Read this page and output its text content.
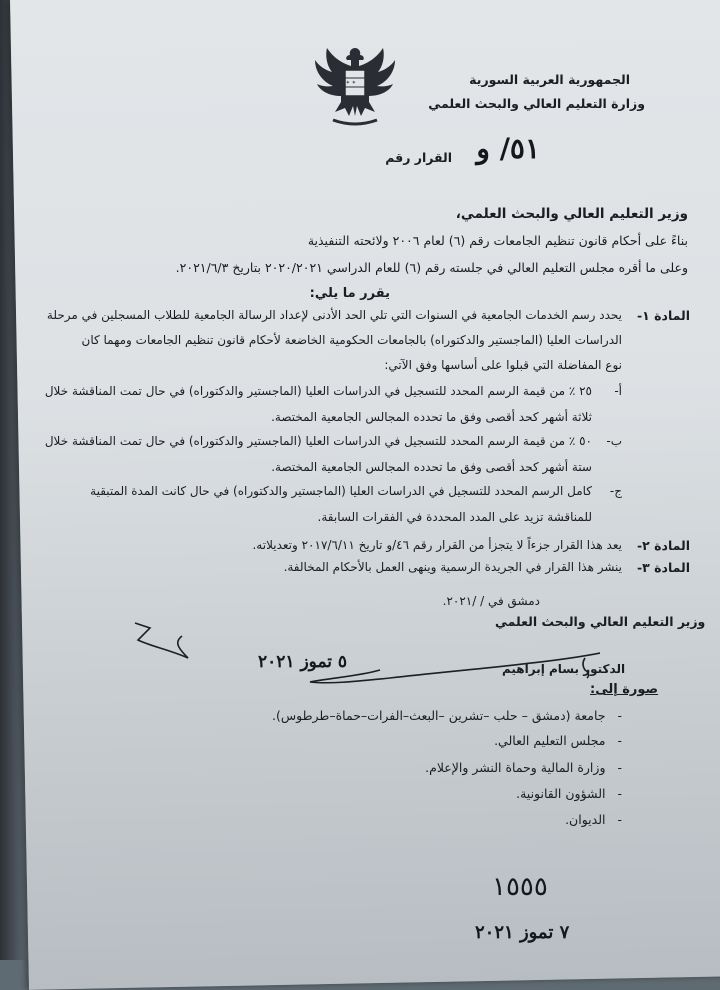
✶ ✶	الجمهورية العربية السورية
وزارة التعليم العالي والبحث العلمي
القرار رقم ٥١/ و
وزير التعليم العالي والبحث العلمي،
بناءً على أحكام قانون تنظيم الجامعات رقم (٦) لعام ٢٠٠٦ ولائحته التنفيذية
وعلى ما أقره مجلس التعليم العالي في جلسته رقم (٦) للعام الدراسي ٢٠٢٠/٢٠٢١ بتاريخ ٢٠٢١/٦/٣.
يقرر ما يلي:
المادة ١-
يحدد رسم الخدمات الجامعية في السنوات التي تلي الحد الأدنى لإعداد الرسالة الجامعية للطلاب المسجلين في مرحلة
الدراسات العليا (الماجستير والدكتوراه) بالجامعات الحكومية الخاضعة لأحكام قانون تنظيم الجامعات ومهما كان
نوع المفاضلة التي قبلوا على أساسها وفق الآتي:
أ-
٢٥ ٪ من قيمة الرسم المحدد للتسجيل في الدراسات العليا (الماجستير والدكتوراه) في حال تمت المناقشة خلال
ثلاثة أشهر كحد أقصى وفق ما تحدده المجالس الجامعية المختصة.
ب-
٥٠ ٪ من قيمة الرسم المحدد للتسجيل في الدراسات العليا (الماجستير والدكتوراه) في حال تمت المناقشة خلال
ستة أشهر كحد أقصى وفق ما تحدده المجالس الجامعية المختصة.
ج-
كامل الرسم المحدد للتسجيل في الدراسات العليا (الماجستير والدكتوراه) في حال كانت المدة المتبقية
للمناقشة تزيد على المدد المحددة في الفقرات السابقة.
المادة ٢-
يعد هذا القرار جزءاً لا يتجزأ من القرار رقم ٤٦/و تاريخ ٢٠١٧/٦/١١ وتعديلاته.
المادة ٣-
ينشر هذا القرار في الجريدة الرسمية وينهى العمل بالأحكام المخالفة.
دمشق في / /٢٠٢١.
وزير التعليم العالي والبحث العلمي
الدكتور بسام إبراهيم
٥ تموز ٢٠٢١
صورة إلى:
-جامعة (دمشق – حلب –تشرين –البعث–الفرات–حماة–طرطوس).
-مجلس التعليم العالي.
-وزارة المالية وحماة النشر والإعلام.
-الشؤون القانونية.
-الديوان.
١٥٥٥
٧ تموز ٢٠٢١
